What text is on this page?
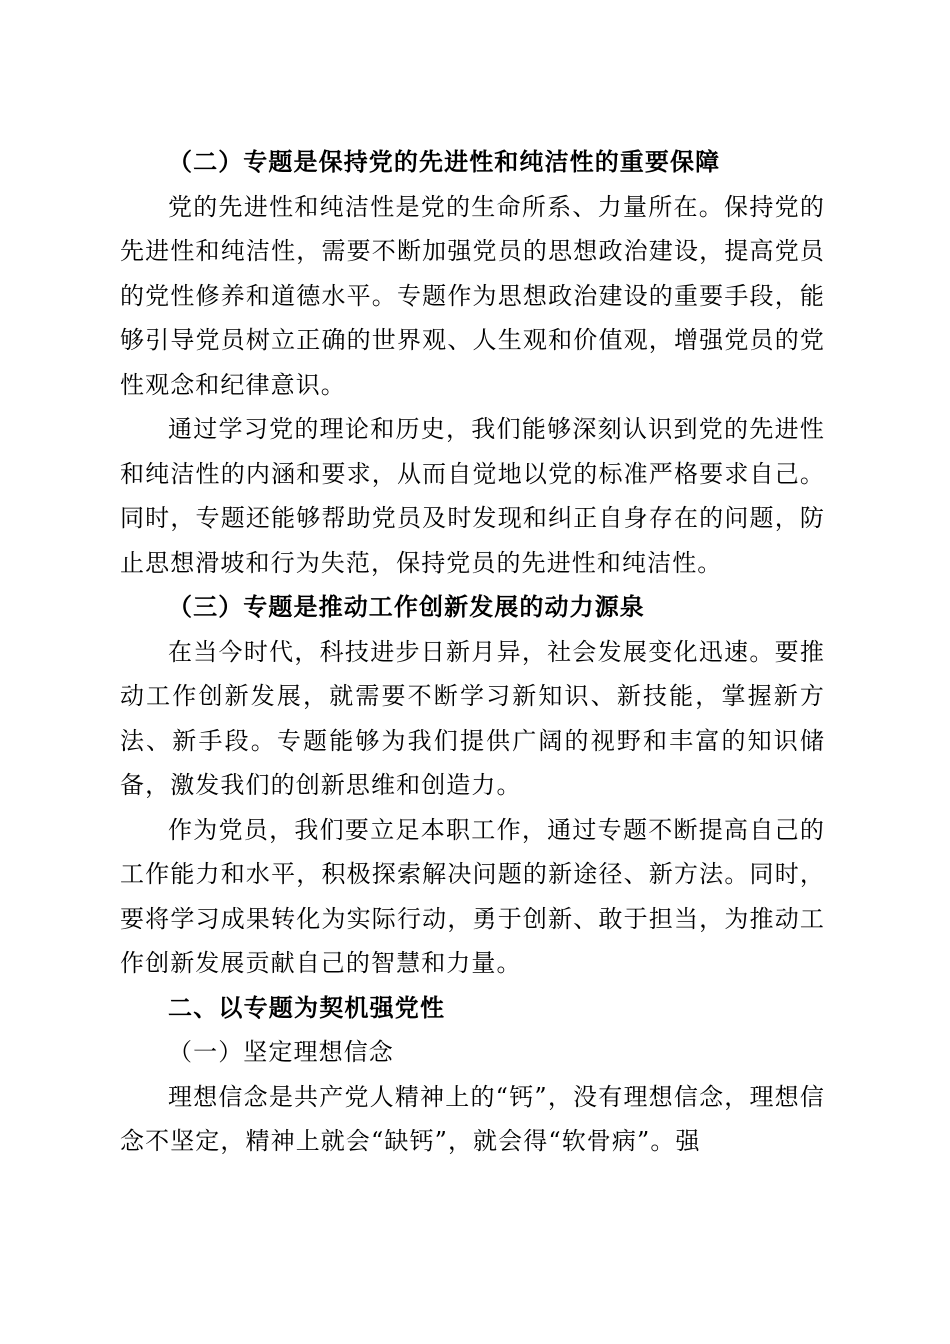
（二）专题是保持党的先进性和纯洁性的重要保障

党的先进性和纯洁性是党的生命所系、力量所在。保持党的先进性和纯洁性，需要不断加强党员的思想政治建设，提高党员的党性修养和道德水平。专题作为思想政治建设的重要手段，能够引导党员树立正确的世界观、人生观和价值观，增强党员的党性观念和纪律意识。

通过学习党的理论和历史，我们能够深刻认识到党的先进性和纯洁性的内涵和要求，从而自觉地以党的标准严格要求自己。同时，专题还能够帮助党员及时发现和纠正自身存在的问题，防止思想滑坡和行为失范，保持党员的先进性和纯洁性。

（三）专题是推动工作创新发展的动力源泉

在当今时代，科技进步日新月异，社会发展变化迅速。要推动工作创新发展，就需要不断学习新知识、新技能，掌握新方法、新手段。专题能够为我们提供广阔的视野和丰富的知识储备，激发我们的创新思维和创造力。

作为党员，我们要立足本职工作，通过专题不断提高自己的工作能力和水平，积极探索解决问题的新途径、新方法。同时，要将学习成果转化为实际行动，勇于创新、敢于担当，为推动工作创新发展贡献自己的智慧和力量。

二、以专题为契机强党性

（一）坚定理想信念

理想信念是共产党人精神上的“钙”，没有理想信念，理想信念不坚定，精神上就会“缺钙”，就会得“软骨病”。强
